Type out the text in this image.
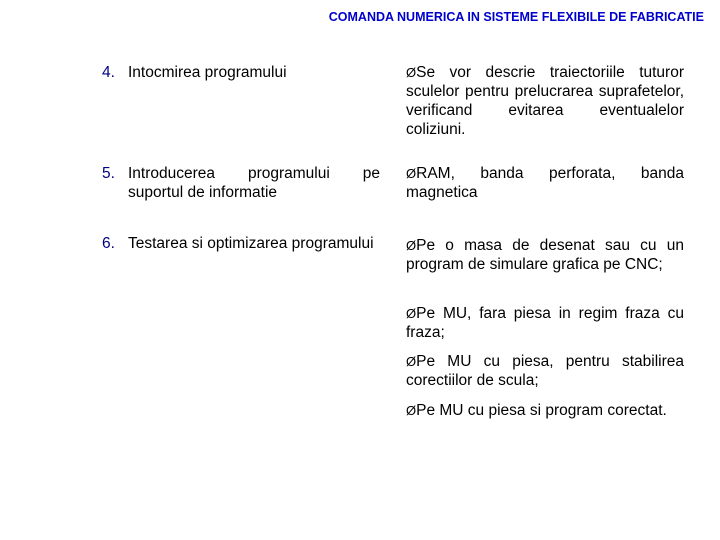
COMANDA NUMERICA IN SISTEME FLEXIBILE DE FABRICATIE
4. Intocmirea programului
5. Introducerea programului pe suportul de informatie
6. Testarea si optimizarea programului
ØSe vor descrie traiectoriile tuturor sculelor pentru prelucrarea suprafetelor, verificand evitarea eventualelor coliziuni.
ØRAM, banda perforata, banda magnetica
ØPe o masa de desenat sau cu un program de simulare grafica pe CNC;
ØPe MU, fara piesa in regim fraza cu fraza;
ØPe MU cu piesa, pentru stabilirea corectiilor de scula;
ØPe MU cu piesa si program corectat.
